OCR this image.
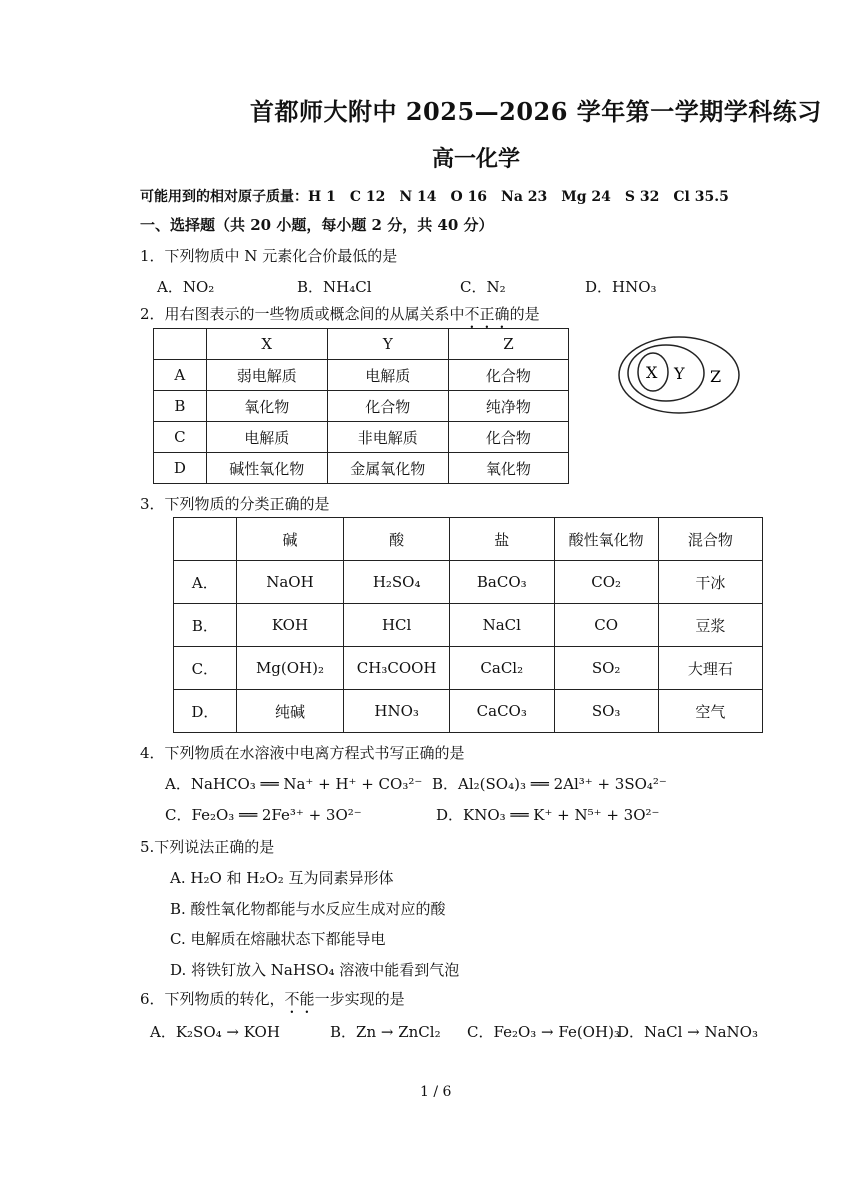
首都师大附中 2025—2026 学年第一学期学科练习
高一化学
可能用到的相对原子质量：H 1　C 12　N 14　O 16　Na 23　Mg 24　S 32　Cl 35.5
一、选择题（共 20 小题，每小题 2 分，共 40 分）
1．下列物质中 N 元素化合价最低的是
A．NO₂	B．NH₄Cl	C．N₂	D．HNO₃
2．用右图表示的一些物质或概念间的从属关系中不正确的是
	X	Y	Z
A	弱电解质	电解质	化合物
B	氧化物	化合物	纯净物
C	电解质	非电解质	化合物
D	碱性氧化物	金属氧化物	氧化物
X Y Z
3．下列物质的分类正确的是
	碱	酸	盐	酸性氧化物	混合物
A．	NaOH	H₂SO₄	BaCO₃	CO₂	干冰
B．	KOH	HCl	NaCl	CO	豆浆
C．	Mg(OH)₂	CH₃COOH	CaCl₂	SO₂	大理石
D．	纯碱	HNO₃	CaCO₃	SO₃	空气
4．下列物质在水溶液中电离方程式书写正确的是
A．NaHCO₃ ══ Na⁺ + H⁺ + CO₃²⁻ B．Al₂(SO₄)₃ ══ 2Al³⁺ + 3SO₄²⁻
C．Fe₂O₃ ══ 2Fe³⁺ + 3O²⁻	D．KNO₃ ══ K⁺ + N⁵⁺ + 3O²⁻
5.下列说法正确的是
A. H₂O 和 H₂O₂ 互为同素异形体
B. 酸性氧化物都能与水反应生成对应的酸
C. 电解质在熔融状态下都能导电
D. 将铁钉放入 NaHSO₄ 溶液中能看到气泡
6．下列物质的转化，不能一步实现的是
A．K₂SO₄ → KOH	B．Zn → ZnCl₂ C．Fe₂O₃ → Fe(OH)₃
D．NaCl → NaNO₃
1 / 6
